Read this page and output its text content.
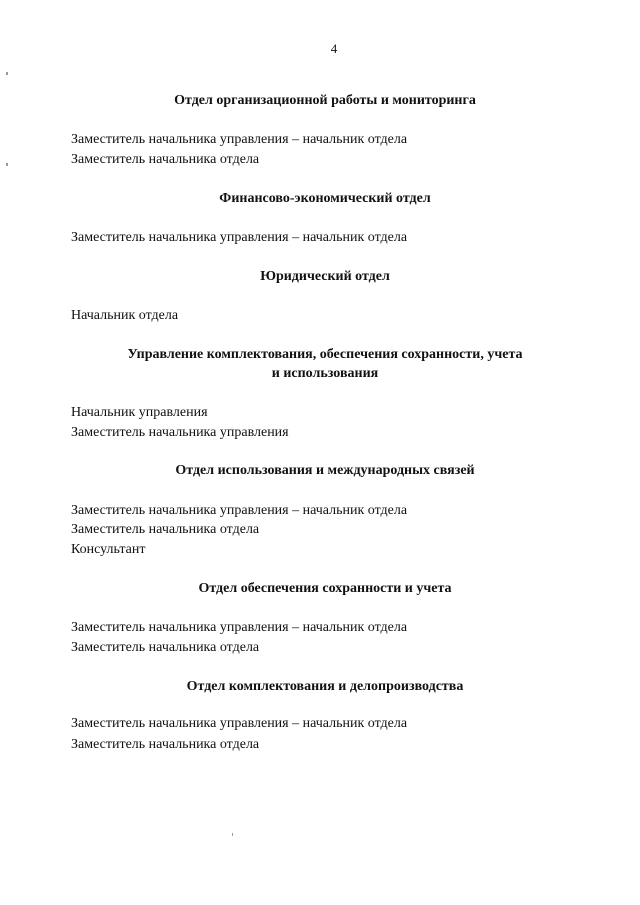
4
Отдел организационной работы и мониторинга
Заместитель начальника управления – начальник отдела
Заместитель начальника отдела
Финансово-экономический отдел
Заместитель начальника управления – начальник отдела
Юридический отдел
Начальник отдела
Управление комплектования, обеспечения сохранности, учета
и использования
Начальник управления
Заместитель начальника управления
Отдел использования и международных связей
Заместитель начальника управления – начальник отдела
Заместитель начальника отдела
Консультант
Отдел обеспечения сохранности и учета
Заместитель начальника управления – начальник отдела
Заместитель начальника отдела
Отдел комплектования и делопроизводства
Заместитель начальника управления – начальник отдела
Заместитель начальника отдела
